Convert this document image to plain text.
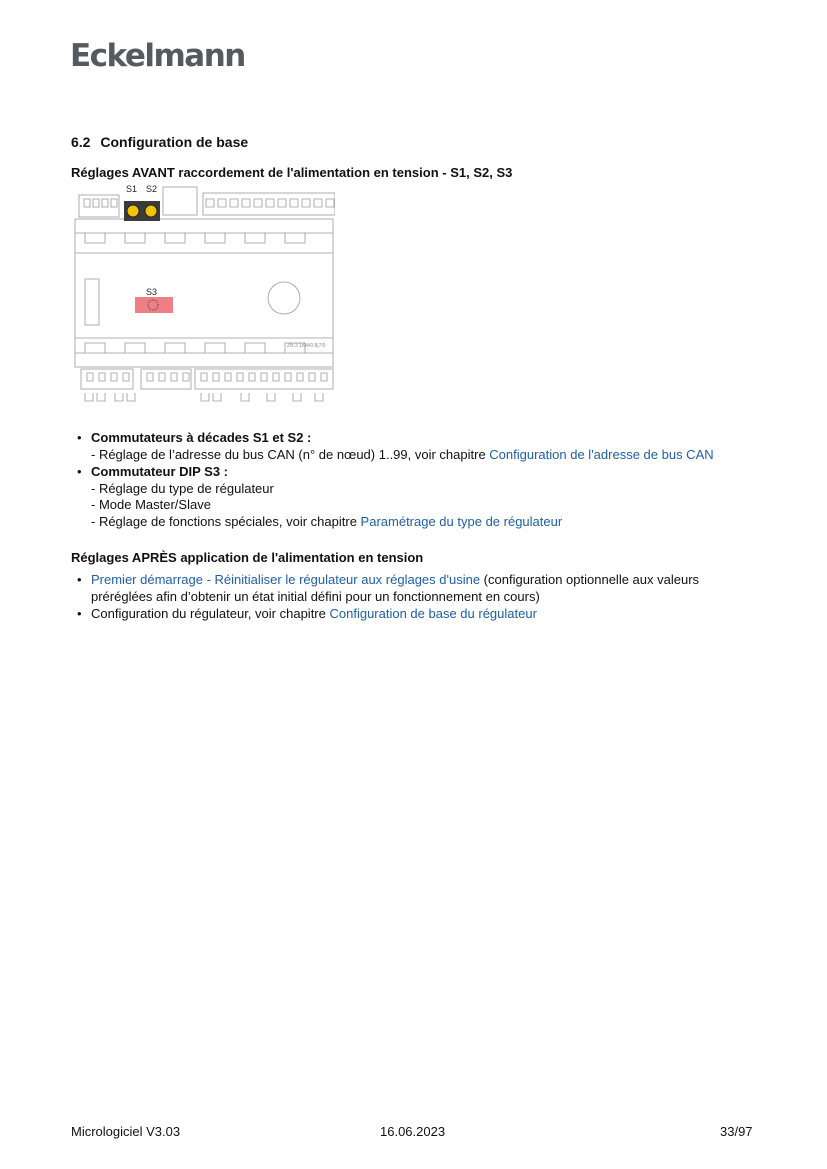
Eckelmann
6.2 Configuration de base
Réglages AVANT raccordement de l'alimentation en tension - S1, S2, S3
S1 S2
S3
ZN:3 1/04/0 8|7/0
• Commutateurs à décades S1 et S2 :
- Réglage de l’adresse du bus CAN (n° de nœud) 1..99, voir chapitre Configuration de l'adresse de bus CAN
• Commutateur DIP S3 :
- Réglage du type de régulateur
- Mode Master/Slave
- Réglage de fonctions spéciales, voir chapitre Paramétrage du type de régulateur
Réglages APRÈS application de l'alimentation en tension
• Premier démarrage - Réinitialiser le régulateur aux réglages d'usine (configuration optionnelle aux valeurs préréglées afin d’obtenir un état initial défini pour un fonctionnement en cours)
• Configuration du régulateur, voir chapitre Configuration de base du régulateur
Micrologiciel V3.03	16.06.2023	33/97
